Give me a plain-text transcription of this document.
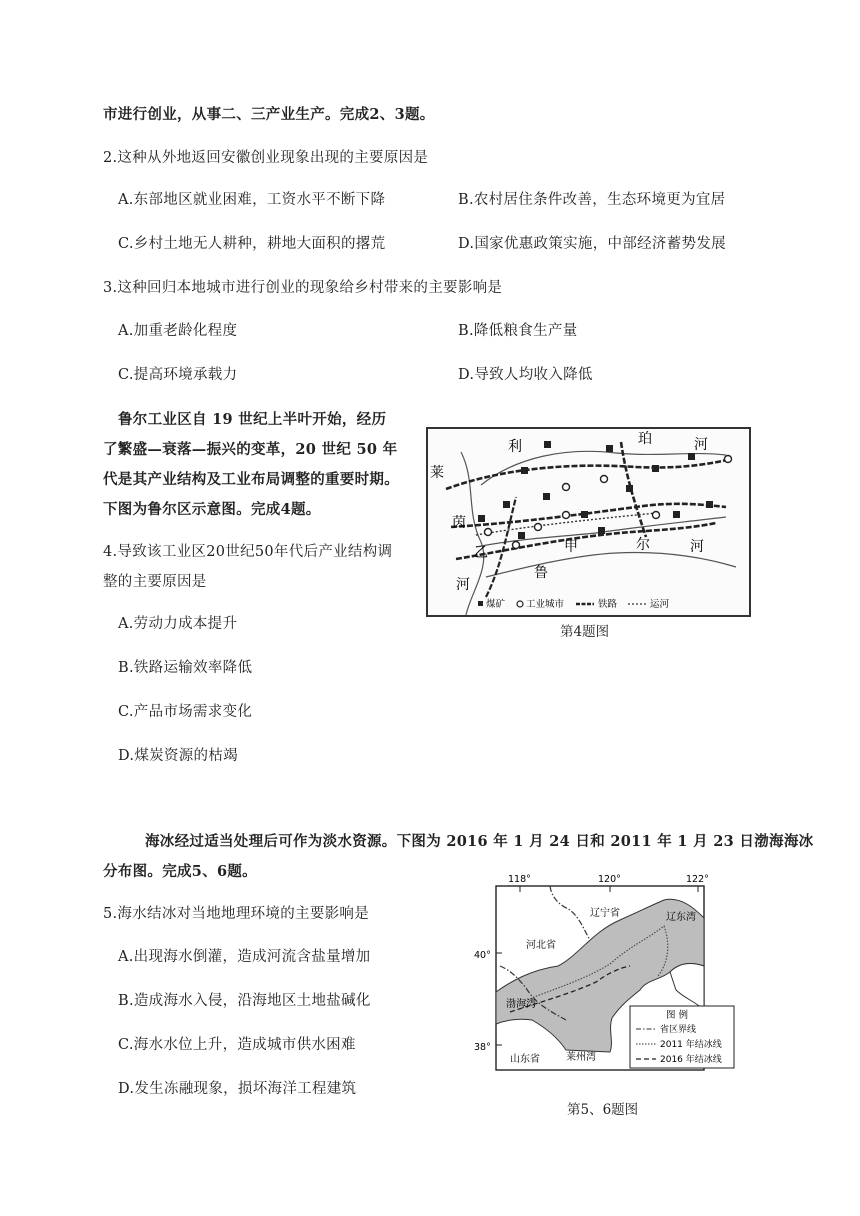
市进行创业，从事二、三产业生产。完成2、3题。
2.这种从外地返回安徽创业现象出现的主要原因是
A.东部地区就业困难，工资水平不断下降	B.农村居住条件改善，生态环境更为宜居
C.乡村土地无人耕种，耕地大面积的撂荒	D.国家优惠政策实施，中部经济蓄势发展
3.这种回归本地城市进行创业的现象给乡村带来的主要影响是
A.加重老龄化程度	B.降低粮食生产量
C.提高环境承载力	D.导致人均收入降低
鲁尔工业区自 19 世纪上半叶开始，经历
了繁盛—衰落—振兴的变革，20 世纪 50 年
代是其产业结构及工业布局调整的重要时期。
下图为鲁尔区示意图。完成4题。
4.导致该工业区20世纪50年代后产业结构调
整的主要原因是
A.劳动力成本提升
B.铁路运输效率降低
C.产品市场需求变化
D.煤炭资源的枯竭
利	珀	河
莱
茵
乙	甲	尔	河
鲁
河
煤矿 工业城市	铁路	运河
第4题图
海冰经过适当处理后可作为淡水资源。下图为 2016 年 1 月 24 日和 2011 年 1 月 23 日渤海海冰
分布图。完成5、6题。
5.海水结冰对当地地理环境的主要影响是
A.出现海水倒灌，造成河流含盐量增加
B.造成海水入侵，沿海地区土地盐碱化
C.海水水位上升，造成城市供水困难
D.发生冻融现象，损坏海洋工程建筑
118°	120°	122°
40°
38°
辽宁省	辽东湾
河北省
渤海湾
山东省	莱州湾
图 例
省区界线
2011 年结冰线
2016 年结冰线
第5、6题图
